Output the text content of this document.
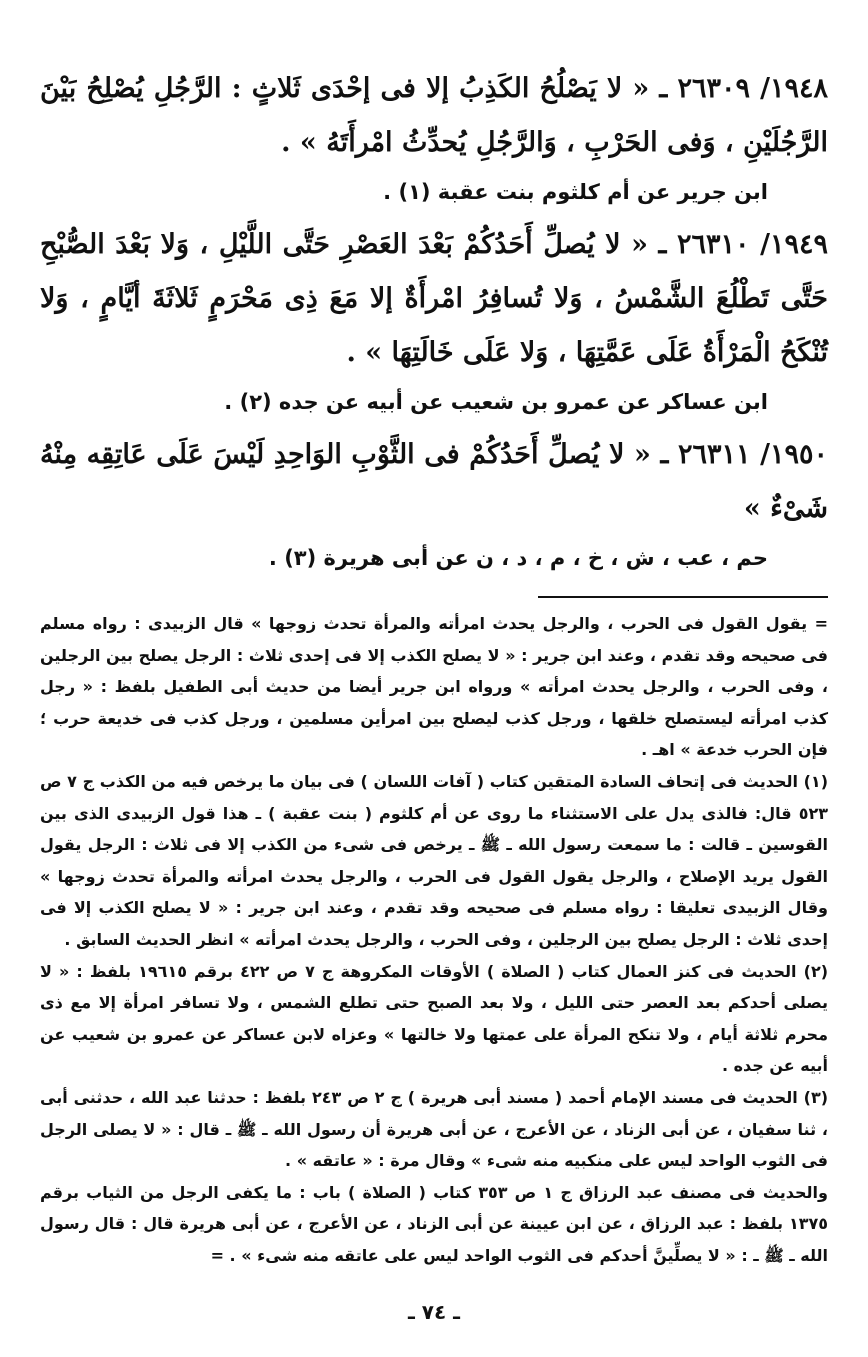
١٩٤٨/ ٢٦٣٠٩ ـ « لا يَصْلُحُ الكَذِبُ إلا فى إحْدَى ثَلاثٍ : الرَّجُلِ يُصْلِحُ بَيْنَ الرَّجُلَيْنِ ، وَفى الحَرْبِ ، وَالرَّجُلِ يُحدِّثُ امْرأَتَهُ » .

ابن جرير عن أم كلثوم بنت عقبة (١) .

١٩٤٩/ ٢٦٣١٠ ـ « لا يُصلِّ أَحَدُكُمْ بَعْدَ العَصْرِ حَتَّى اللَّيْلِ ، وَلا بَعْدَ الصُّبْحِ حَتَّى تَطْلُعَ الشَّمْسُ ، وَلا تُسافِرُ امْرأَةٌ إلا مَعَ ذِى مَحْرَمٍ ثَلاثَةَ أيَّامٍ ، وَلا تُنْكَحُ الْمَرْأَةُ عَلَى عَمَّتِهَا ، وَلا عَلَى خَالَتِهَا » .

ابن عساكر عن عمرو بن شعيب عن أبيه عن جده (٢) .

١٩٥٠/ ٢٦٣١١ ـ « لا يُصلِّ أَحَدُكُمْ فى الثَّوْبِ الوَاحِدِ لَيْسَ عَلَى عَاتِقِه مِنْهُ شَىْءٌ »

حم ، عب ، ش ، خ ، م ، د ، ن عن أبى هريرة (٣) .

= يقول القول فى الحرب ، والرجل يحدث امرأته والمرأة تحدث زوجها » قال الزبيدى : رواه مسلم فى صحيحه وقد تقدم ، وعند ابن جرير : « لا يصلح الكذب إلا فى إحدى ثلاث : الرجل يصلح بين الرجلين ، وفى الحرب ، والرجل يحدث امرأته » ورواه ابن جرير أيضا من حديث أبى الطفيل بلفظ : « رجل كذب امرأته ليستصلح خلقها ، ورجل كذب ليصلح بين امرأين مسلمين ، ورجل كذب فى خديعة حرب ؛ فإن الحرب خدعة » اهـ .

(١) الحديث فى إتحاف السادة المتقين كتاب ( آفات اللسان ) فى بيان ما يرخص فيه من الكذب ج ٧ ص ٥٢٣ قال: فالذى يدل على الاستثناء ما روى عن أم كلثوم ( بنت عقبة ) ـ هذا قول الزبيدى الذى بين القوسين ـ قالت : ما سمعت رسول الله ـ ﷺ ـ يرخص فى شىء من الكذب إلا فى ثلاث : الرجل يقول القول يريد الإصلاح ، والرجل يقول القول فى الحرب ، والرجل يحدث امرأته والمرأة تحدث زوجها » وقال الزبيدى تعليقا : رواه مسلم فى صحيحه وقد تقدم ، وعند ابن جرير : « لا يصلح الكذب إلا فى إحدى ثلاث : الرجل يصلح بين الرجلين ، وفى الحرب ، والرجل يحدث امرأته » انظر الحديث السابق .

(٢) الحديث فى كنز العمال كتاب ( الصلاة ) الأوقات المكروهة ج ٧ ص ٤٢٢ برقم ١٩٦١٥ بلفظ : « لا يصلى أحدكم بعد العصر حتى الليل ، ولا بعد الصبح حتى تطلع الشمس ، ولا تسافر امرأة إلا مع ذى محرم ثلاثة أيام ، ولا تنكح المرأة على عمتها ولا خالتها » وعزاه لابن عساكر عن عمرو بن شعيب عن أبيه عن جده .

(٣) الحديث فى مسند الإمام أحمد ( مسند أبى هريرة ) ج ٢ ص ٢٤٣ بلفظ : حدثنا عبد الله ، حدثنى أبى ، ثنا سفيان ، عن أبى الزناد ، عن الأعرج ، عن أبى هريرة أن رسول الله ـ ﷺ ـ قال : « لا يصلى الرجل فى الثوب الواحد ليس على منكبيه منه شىء » وقال مرة : « عاتقه » .

والحديث فى مصنف عبد الرزاق ج ١ ص ٣٥٣ كتاب ( الصلاة ) باب : ما يكفى الرجل من الثياب برقم ١٣٧٥ بلفظ : عبد الرزاق ، عن ابن عيينة عن أبى الزناد ، عن الأعرج ، عن أبى هريرة قال : قال رسول الله ـ ﷺ ـ : « لا يصلِّينَّ أحدكم فى الثوب الواحد ليس على عاتقه منه شىء » . =

ـ ٧٤ ـ
